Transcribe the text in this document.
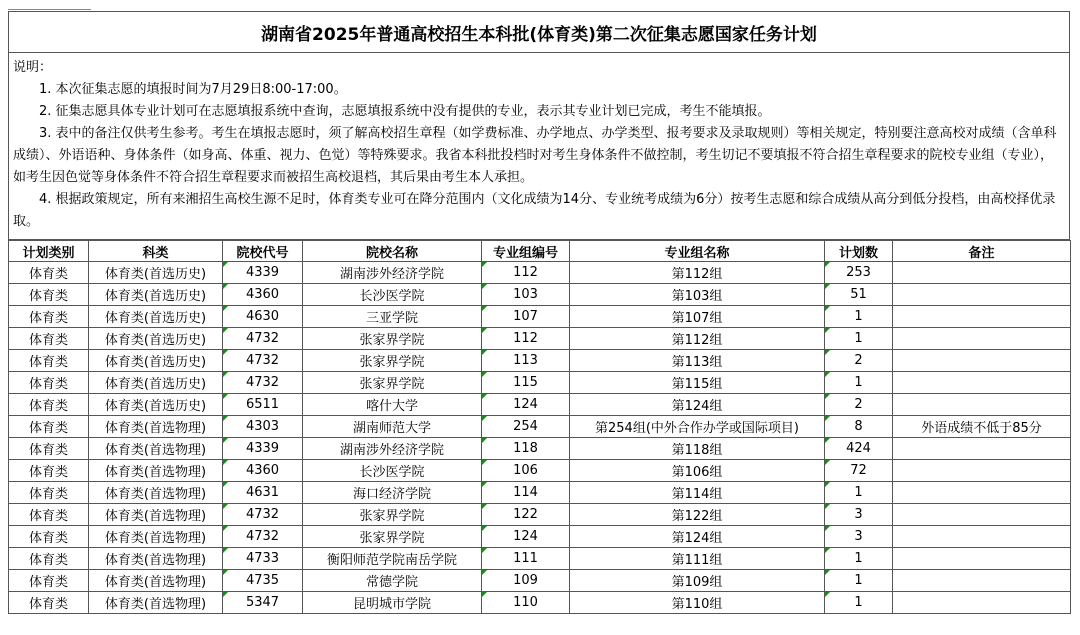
湖南省2025年普通高校招生本科批(体育类)第二次征集志愿国家任务计划
说明：
1. 本次征集志愿的填报时间为7月29日8:00-17:00。
2. 征集志愿具体专业计划可在志愿填报系统中查询，志愿填报系统中没有提供的专业，表示其专业计划已完成，考生不能填报。
3. 表中的备注仅供考生参考。考生在填报志愿时，须了解高校招生章程（如学费标准、办学地点、办学类型、报考要求及录取规则）等相关规定，特别要注意高校对成绩（含单科成绩）、外语语种、身体条件（如身高、体重、视力、色觉）等特殊要求。我省本科批投档时对考生身体条件不做控制，考生切记不要填报不符合招生章程要求的院校专业组（专业），如考生因色觉等身体条件不符合招生章程要求而被招生高校退档，其后果由考生本人承担。
4. 根据政策规定，所有来湘招生高校生源不足时，体育类专业可在降分范围内（文化成绩为14分、专业统考成绩为6分）按考生志愿和综合成绩从高分到低分投档，由高校择优录取。
计划类别	科类	院校代号	院校名称	专业组编号	专业组名称	计划数	备注
体育类	体育类(首选历史)	4339	湖南涉外经济学院	112	第112组	253	
体育类	体育类(首选历史)	4360	长沙医学院	103	第103组	51	
体育类	体育类(首选历史)	4630	三亚学院	107	第107组	1	
体育类	体育类(首选历史)	4732	张家界学院	112	第112组	1	
体育类	体育类(首选历史)	4732	张家界学院	113	第113组	2	
体育类	体育类(首选历史)	4732	张家界学院	115	第115组	1	
体育类	体育类(首选历史)	6511	喀什大学	124	第124组	2	
体育类	体育类(首选物理)	4303	湖南师范大学	254	第254组(中外合作办学或国际项目)	8	外语成绩不低于85分
体育类	体育类(首选物理)	4339	湖南涉外经济学院	118	第118组	424	
体育类	体育类(首选物理)	4360	长沙医学院	106	第106组	72	
体育类	体育类(首选物理)	4631	海口经济学院	114	第114组	1	
体育类	体育类(首选物理)	4732	张家界学院	122	第122组	3	
体育类	体育类(首选物理)	4732	张家界学院	124	第124组	3	
体育类	体育类(首选物理)	4733	衡阳师范学院南岳学院	111	第111组	1	
体育类	体育类(首选物理)	4735	常德学院	109	第109组	1	
体育类	体育类(首选物理)	5347	昆明城市学院	110	第110组	1	
